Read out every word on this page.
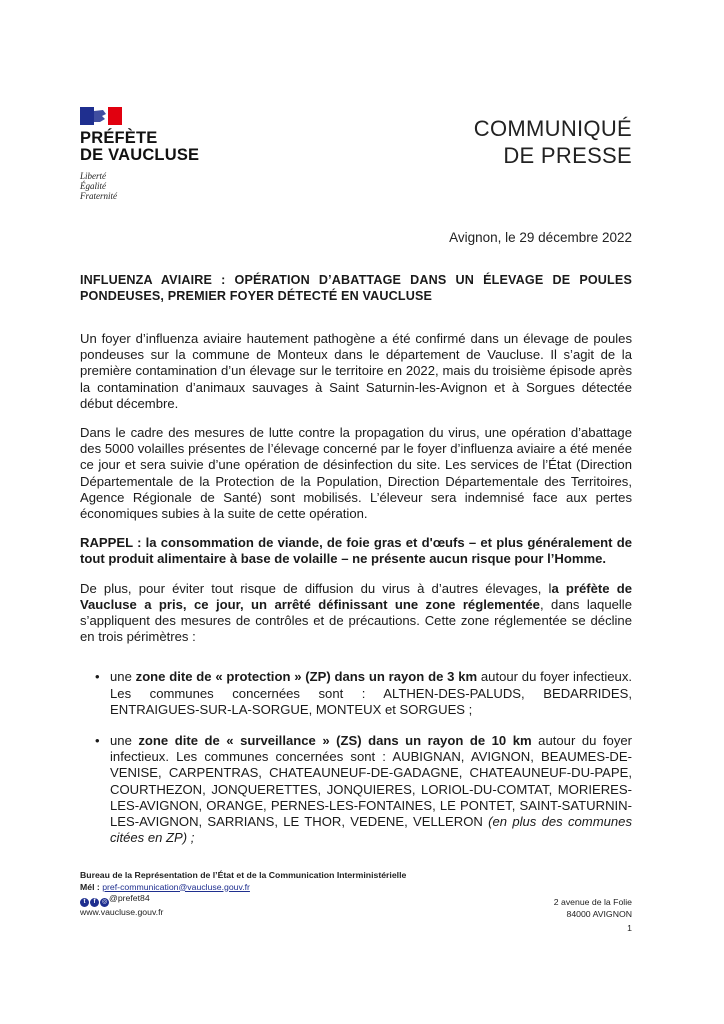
PRÉFÈTE
DE VAUCLUSE
Liberté
Égalité
Fraternité
COMMUNIQUÉ
DE PRESSE
Avignon, le 29 décembre 2022
INFLUENZA AVIAIRE : OPÉRATION D’ABATTAGE DANS UN ÉLEVAGE DE POULES PONDEUSES, PREMIER FOYER DÉTECTÉ EN VAUCLUSE

Un foyer d’influenza aviaire hautement pathogène a été confirmé dans un élevage de poules pondeuses sur la commune de Monteux dans le département de Vaucluse. Il s’agit de la première contamination d’un élevage sur le territoire en 2022, mais du troisième épisode après la contamination d’animaux sauvages à Saint Saturnin-les-Avignon et à Sorgues détectée début décembre.

Dans le cadre des mesures de lutte contre la propagation du virus, une opération d’abattage des 5000 volailles présentes de l’élevage concerné par le foyer d’influenza aviaire a été menée ce jour et sera suivie d’une opération de désinfection du site. Les services de l’État (Direction Départementale de la Protection de la Population, Direction Départementale des Territoires, Agence Régionale de Santé) sont mobilisés. L’éleveur sera indemnisé face aux pertes économiques subies à la suite de cette opération.

RAPPEL : la consommation de viande, de foie gras et d'œufs – et plus généralement de tout produit alimentaire à base de volaille – ne présente aucun risque pour l’Homme.

De plus, pour éviter tout risque de diffusion du virus à d’autres élevages, la préfète de Vaucluse a pris, ce jour, un arrêté définissant une zone réglementée, dans laquelle s’appliquent des mesures de contrôles et de précautions. Cette zone réglementée se décline en trois périmètres :

• une zone dite de « protection » (ZP) dans un rayon de 3 km autour du foyer infectieux. Les communes concernées sont : ALTHEN-DES-PALUDS, BEDARRIDES, ENTRAIGUES-SUR-LA-SORGUE, MONTEUX et SORGUES ;
• une zone dite de « surveillance » (ZS) dans un rayon de 10 km autour du foyer infectieux. Les communes concernées sont : AUBIGNAN, AVIGNON, BEAUMES-DE-VENISE, CARPENTRAS, CHATEAUNEUF-DE-GADAGNE, CHATEAUNEUF-DU-PAPE, COURTHEZON, JONQUERETTES, JONQUIERES, LORIOL-DU-COMTAT, MORIERES-LES-AVIGNON, ORANGE, PERNES-LES-FONTAINES, LE PONTET, SAINT-SATURNIN-LES-AVIGNON, SARRIANS, LE THOR, VEDENE, VELLERON (en plus des communes citées en ZP) ;
Bureau de la Représentation de l’État et de la Communication Interministérielle
Mél : pref-communication@vaucluse.gouv.fr
t	f	◎ @prefet84
www.vaucluse.gouv.fr
2 avenue de la Folie
84000 AVIGNON
1
